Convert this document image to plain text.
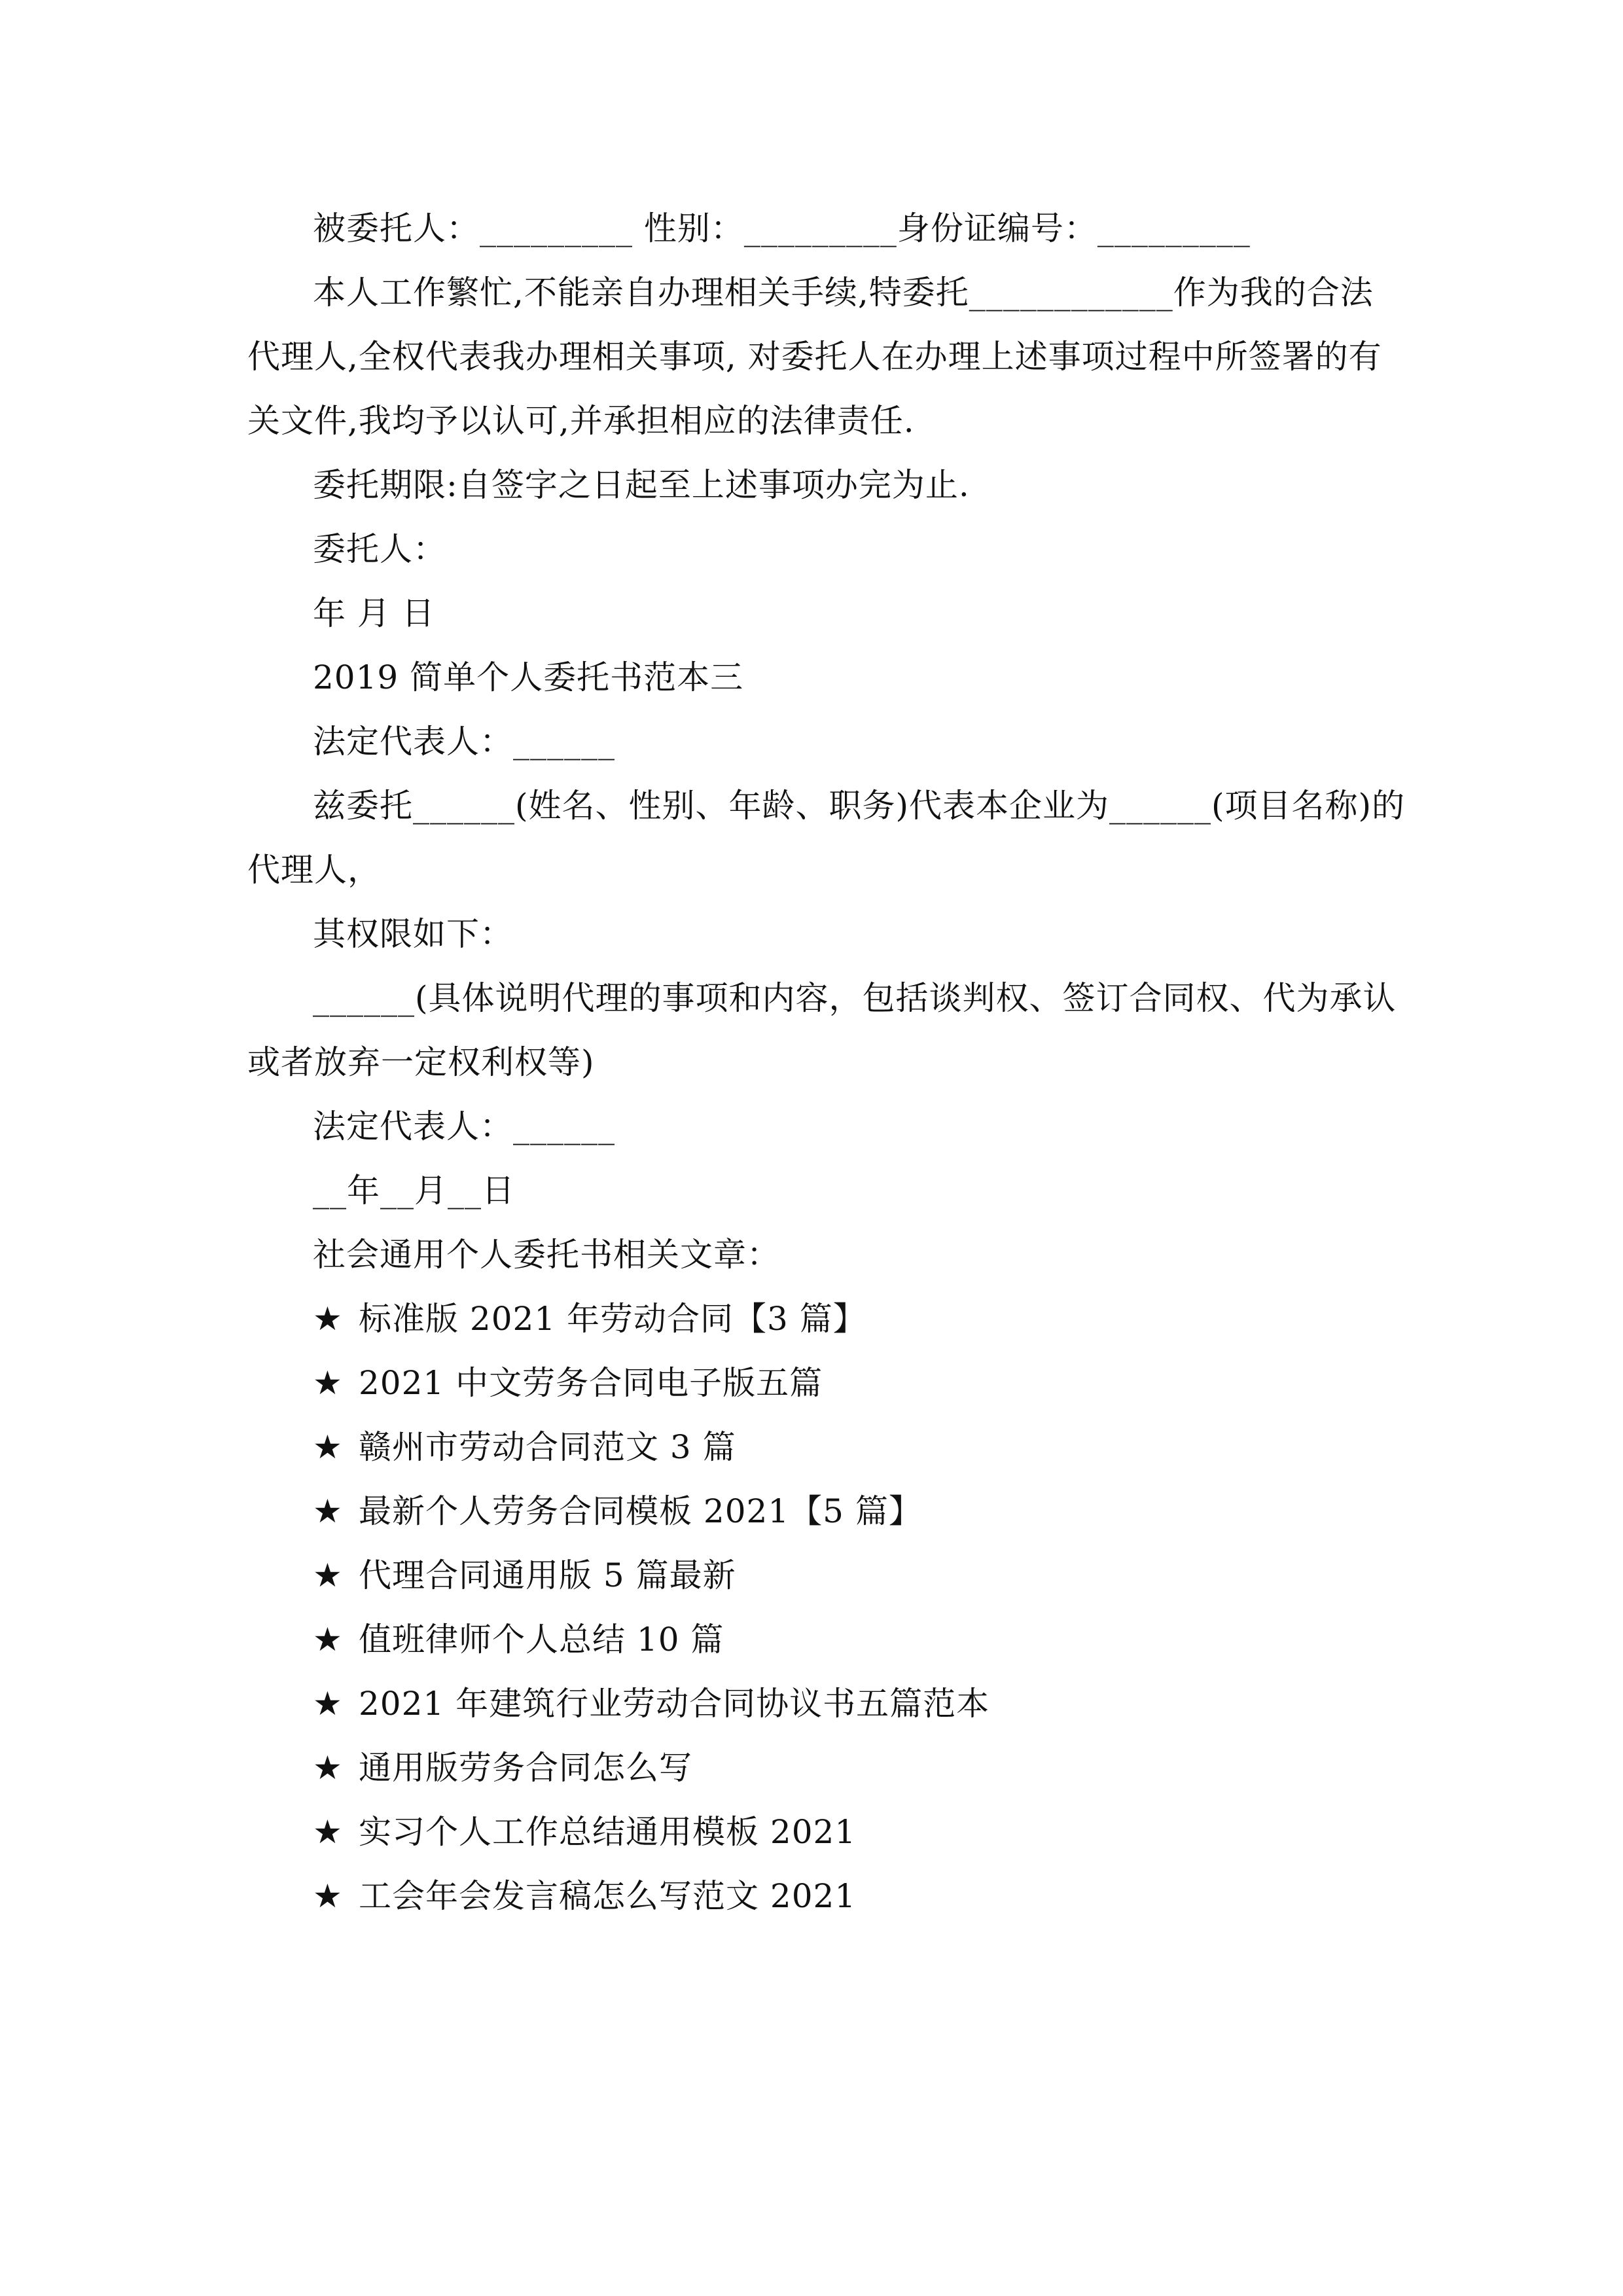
被委托人：_________ 性别：_________身份证编号：_________
本人工作繁忙,不能亲自办理相关手续,特委托____________作为我的合法
代理人,全权代表我办理相关事项, 对委托人在办理上述事项过程中所签署的有
关文件,我均予以认可,并承担相应的法律责任.
委托期限:自签字之日起至上述事项办完为止.
委托人：
年 月 日
2019 简单个人委托书范本三
法定代表人：______
兹委托______(姓名、性别、年龄、职务)代表本企业为______(项目名称)的
代理人，
其权限如下：
______(具体说明代理的事项和内容，包括谈判权、签订合同权、代为承认
或者放弃一定权利权等)
法定代表人：______
__年__月__日
社会通用个人委托书相关文章：
★ 标准版 2021 年劳动合同【3 篇】
★ 2021 中文劳务合同电子版五篇
★ 赣州市劳动合同范文 3 篇
★ 最新个人劳务合同模板 2021【5 篇】
★ 代理合同通用版 5 篇最新
★ 值班律师个人总结 10 篇
★ 2021 年建筑行业劳动合同协议书五篇范本
★ 通用版劳务合同怎么写
★ 实习个人工作总结通用模板 2021
★ 工会年会发言稿怎么写范文 2021
